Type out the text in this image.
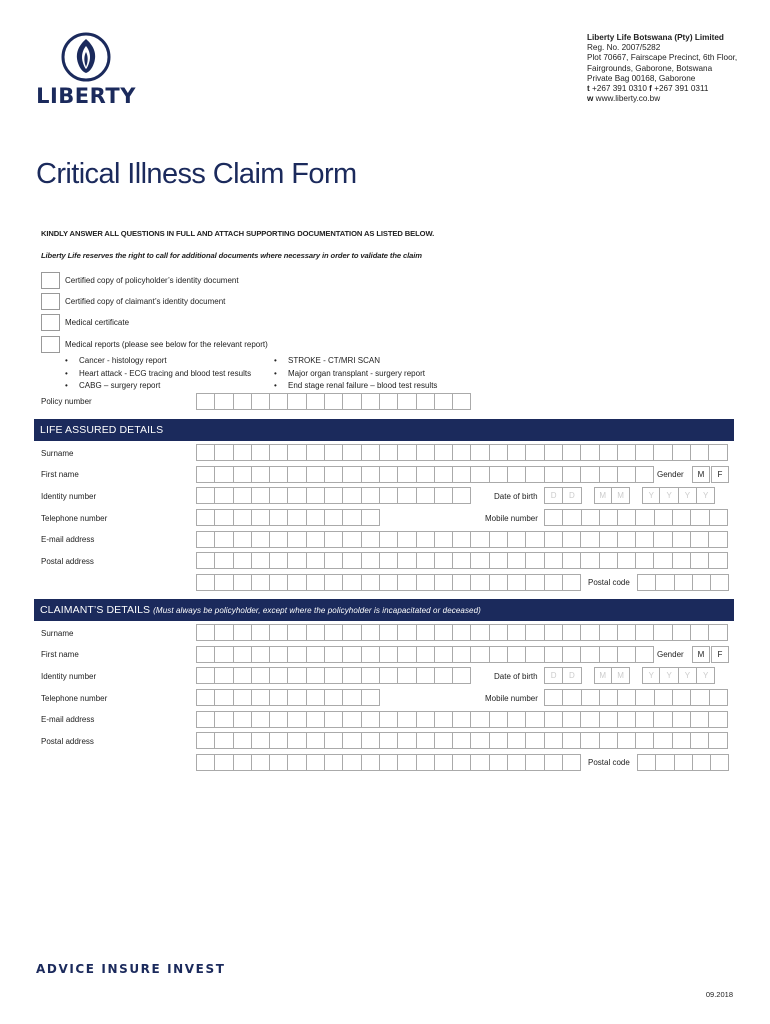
LIBERTY
Liberty Life Botswana (Pty) Limited
Reg. No. 2007/5282
Plot 70667, Fairscape Precinct, 6th Floor,
Fairgrounds, Gaborone, Botswana
Private Bag 00168, Gaborone
t +267 391 0310 f +267 391 0311
w www.liberty.co.bw
Critical Illness Claim Form
KINDLY ANSWER ALL QUESTIONS IN FULL AND ATTACH SUPPORTING DOCUMENTATION AS LISTED BELOW.
Liberty Life reserves the right to call for additional documents where necessary in order to validate the claim
Certified copy of policyholder’s identity document
Certified copy of claimant’s identity document
Medical certificate
Medical reports (please see below for the relevant report)
• Cancer - histology report
• Heart attack - ECG tracing and blood test results
• CABG – surgery report
• STROKE - CT/MRI SCAN
• Major organ transplant - surgery report
• End stage renal failure – blood test results
Policy number
LIFE ASSURED DETAILS
Surname
First name	Gender	M	F
Identity number	Date of birth	D	D	M	M	Y	Y	Y	Y
Telephone number	Mobile number
E-mail address
Postal address
Postal code
CLAIMANT’S DETAILS (Must always be policyholder, except where the policyholder is incapacitated or deceased)
Surname
First name	Gender	M	F
Identity number	Date of birth	D	D	M	M	Y	Y	Y	Y
Telephone number	Mobile number
E-mail address
Postal address
Postal code
ADVICE INSURE INVEST
09.2018
